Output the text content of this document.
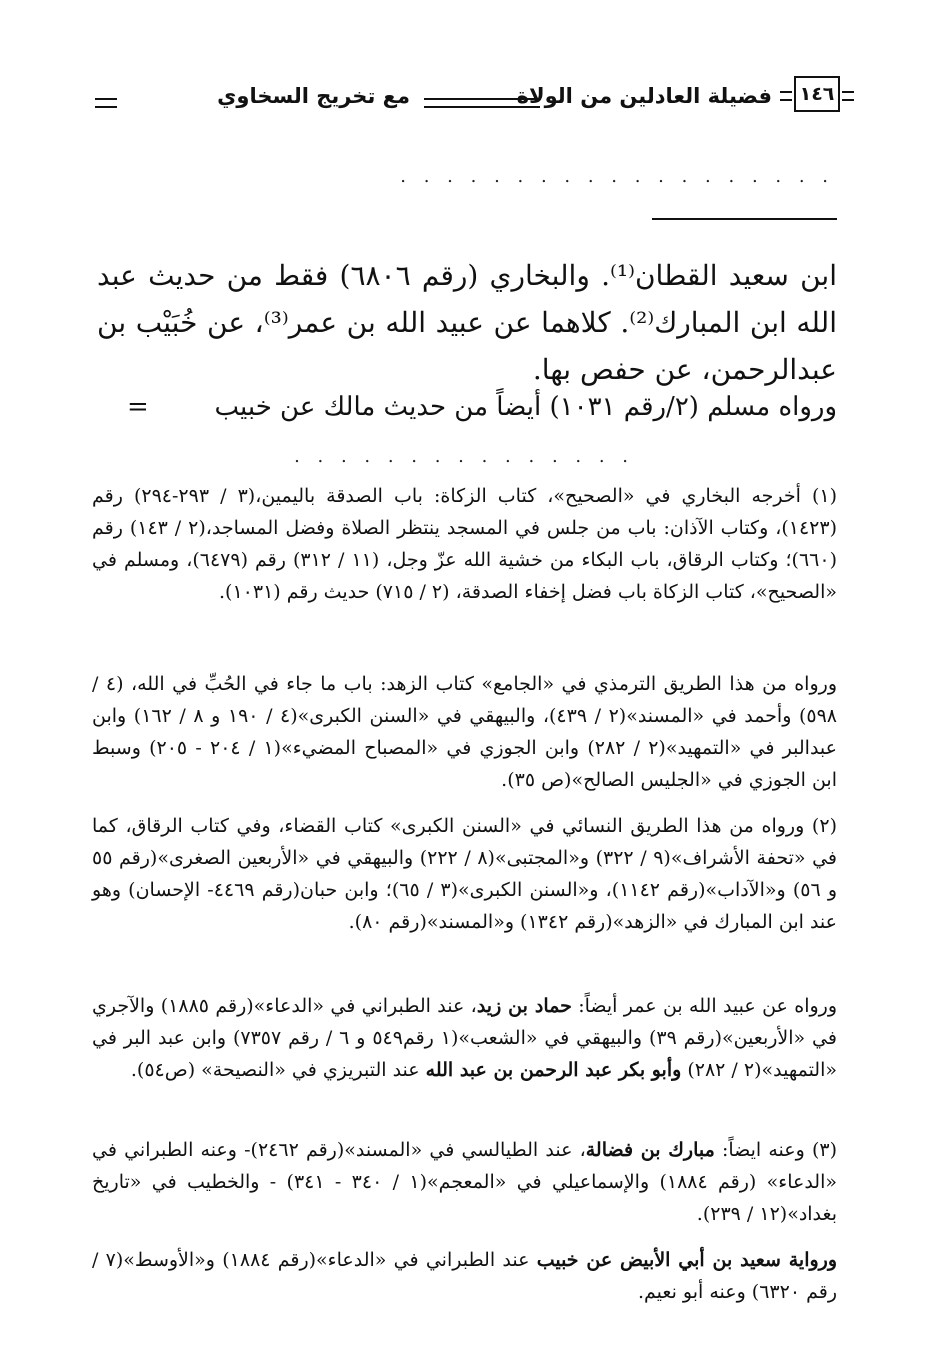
١٤٦
فضيلة العادلين من الولاة
مع تخريج السخاوي
. . . . . . . . . . . . . . . . . . .

ابن سعيد القطان⁽¹⁾. والبخاري (رقم ٦٨٠٦) فقط من حديث عبد الله ابن المبارك⁽²⁾. كلاهما عن عبيد الله بن عمر⁽³⁾، عن خُبَيْب بن عبدالرحمن، عن حفص بها.

ورواه مسلم (٢/رقم ١٠٣١) أيضاً من حديث مالك عن خبيب
=
. . . . . . . . . . . . . . .

(١) أخرجه البخاري في «الصحيح»، كتاب الزكاة: باب الصدقة باليمين،(٣ / ٢٩٣-٢٩٤) رقم (١٤٢٣)، وكتاب الآذان: باب من جلس في المسجد ينتظر الصلاة وفضل المساجد،(٢ / ١٤٣) رقم (٦٦٠)؛ وكتاب الرقاق، باب البكاء من خشية الله عزّ وجل، (١١ / ٣١٢) رقم (٦٤٧٩)، ومسلم في «الصحيح»، كتاب الزكاة باب فضل إخفاء الصدقة، (٢ / ٧١٥) حديث رقم (١٠٣١).

ورواه من هذا الطريق الترمذي في «الجامع» كتاب الزهد: باب ما جاء في الحُبِّ في الله، (٤ / ٥٩٨) وأحمد في «المسند»(٢ / ٤٣٩)، والبيهقي في «السنن الكبرى»(٤ / ١٩٠ و ٨ / ١٦٢) وابن عبدالبر في «التمهيد»(٢ / ٢٨٢) وابن الجوزي في «المصباح المضيء»(١ / ٢٠٤ - ٢٠٥) وسبط ابن الجوزي في «الجليس الصالح»(ص ٣٥).

(٢) ورواه من هذا الطريق النسائي في «السنن الكبرى» كتاب القضاء، وفي كتاب الرقاق، كما في «تحفة الأشراف»(٩ / ٣٢٢) و«المجتبى»(٨ / ٢٢٢) والبيهقي في «الأربعين الصغرى»(رقم ٥٥ و ٥٦) و«الآداب»(رقم ١١٤٢)، و«السنن الكبرى»(٣ / ٦٥)؛ وابن حبان(رقم ٤٤٦٩- الإحسان) وهو عند ابن المبارك في «الزهد»(رقم ١٣٤٢) و«المسند»(رقم ٨٠).

ورواه عن عبيد الله بن عمر أيضاً: حماد بن زيد، عند الطبراني في «الدعاء»(رقم ١٨٨٥) والآجري في «الأربعين»(رقم ٣٩) والبيهقي في «الشعب»(١ رقم٥٤٩ و ٦ / رقم ٧٣٥٧) وابن عبد البر في «التمهيد»(٢ / ٢٨٢) وأبو بكر عبد الرحمن بن عبد الله عند التبريزي في «النصيحة» (ص٥٤).

(٣) وعنه ايضاً: مبارك بن فضالة، عند الطيالسي في «المسند»(رقم ٢٤٦٢)- وعنه الطبراني في «الدعاء» (رقم ١٨٨٤) والإسماعيلي في «المعجم»(١ / ٣٤٠ - ٣٤١) - والخطيب في «تاريخ بغداد»(١٢ / ٢٣٩).

ورواية سعيد بن أبي الأبيض عن خبيب عند الطبراني في «الدعاء»(رقم ١٨٨٤) و«الأوسط»(٧ / رقم ٦٣٢٠) وعنه أبو نعيم.
